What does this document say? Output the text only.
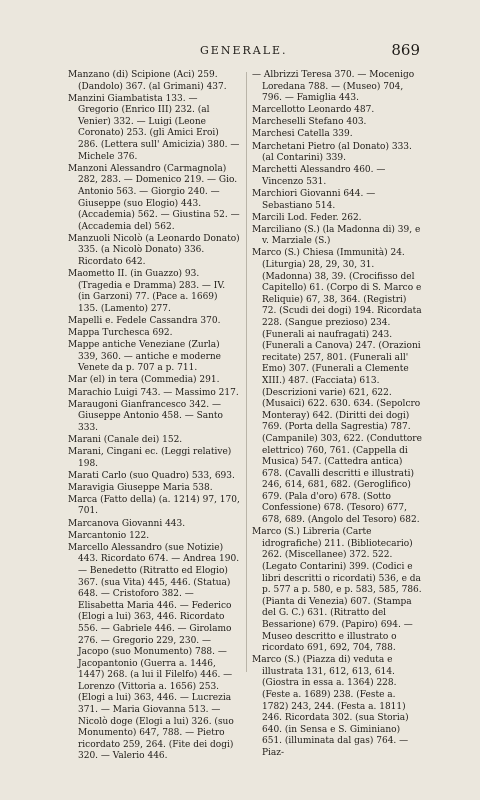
GENERALE.	869

Manzano (di) Scipione (Aci) 259. (Dandolo) 367. (al Grimani) 437.

Manzini Giambatista 133. — Gregorio (Enrico III) 232. (al Venier) 332. — Luigi (Leone Coronato) 253. (gli Amici Eroi) 286. (Lettera sull' Amicizia) 380. — Michele 376.

Manzoni Alessandro (Carmagnola) 282, 283. — Domenico 219. — Gio. Antonio 563. — Giorgio 240. — Giuseppe (suo Elogio) 443. (Accademia) 562. — Giustina 52. — (Accademia del) 562.

Manzuoli Nicolò (a Leonardo Donato) 335. (a Nicolò Donato) 336. Ricordato 642.

Maometto II. (in Guazzo) 93. (Tragedia e Dramma) 283. — IV. (in Garzoni) 77. (Pace a. 1669) 135. (Lamento) 277.

Mapelli e. Fedele Cassandra 370.

Mappa Turchesca 692.

Mappe antiche Veneziane (Zurla) 339, 360. — antiche e moderne Venete da p. 707 a p. 711.

Mar (el) in tera (Commedia) 291.

Marachio Luigi 743. — Massimo 217.

Maraugoni Gianfrancesco 342. — Giuseppe Antonio 458. — Santo 333.

Marani (Canale dei) 152.

Marani, Cingani ec. (Leggi relative) 198.

Marati Carlo (suo Quadro) 533, 693.

Maravigia Giuseppe Maria 538.

Marca (Fatto della) (a. 1214) 97, 170, 701.

Marcanova Giovanni 443.

Marcantonio 122.

Marcello Alessandro (sue Notizie) 443. Ricordato 674. — Andrea 190. — Benedetto (Ritratto ed Elogio) 367. (sua Vita) 445, 446. (Statua) 648. — Cristoforo 382. — Elisabetta Maria 446. — Federico (Elogi a lui) 363, 446. Ricordato 556. — Gabriele 446. — Girolamo 276. — Gregorio 229, 230. — Jacopo (suo Monumento) 788. — Jacopantonio (Guerra a. 1446, 1447) 268. (a lui il Filelfo) 446. — Lorenzo (Vittoria a. 1656) 253. (Elogi a lui) 363, 446. — Lucrezia 371. — Maria Giovanna 513. — Nicolò doge (Elogi a lui) 326. (suo Monumento) 647, 788. — Pietro ricordato 259, 264. (Fite dei dogi) 320. — Valerio 446.

— Albrizzi Teresa 370. — Mocenigo Loredana 788. — (Museo) 704, 796. — Famiglia 443.

Marcellotto Leonardo 487.

Marcheselli Stefano 403.

Marchesi Catella 339.

Marchetani Pietro (al Donato) 333. (al Contarini) 339.

Marchetti Alessandro 460. — Vincenzo 531.

Marchiori Giovanni 644. — Sebastiano 514.

Marcili Lod. Feder. 262.

Marciliano (S.) (la Madonna di) 39, e v. Marziale (S.)

Marco (S.) Chiesa (Immunità) 24. (Liturgia) 28, 29, 30, 31. (Madonna) 38, 39. (Crocifisso del Capitello) 61. (Corpo di S. Marco e Reliquie) 67, 38, 364. (Registri) 72. (Scudi dei dogi) 194. Ricordata 228. (Sangue prezioso) 234. (Funerali ai naufragati) 243. (Funerali a Canova) 247. (Orazioni recitate) 257, 801. (Funerali all' Emo) 307. (Funerali a Clemente XIII.) 487. (Facciata) 613. (Descrizioni varie) 621, 622. (Musaici) 622. 630. 634. (Sepolcro Monteray) 642. (Diritti dei dogi) 769. (Porta della Sagrestia) 787. (Campanile) 303, 622. (Conduttore elettrico) 760, 761. (Cappella di Musica) 547. (Cattedra antica) 678. (Cavalli descritti e illustrati) 246, 614, 681, 682. (Geroglifico) 679. (Pala d'oro) 678. (Sotto Confessione) 678. (Tesoro) 677, 678, 689. (Angolo del Tesoro) 682.

Marco (S.) Libreria (Carte idrografiche) 211. (Bibliotecario) 262. (Miscellanee) 372. 522. (Legato Contarini) 399. (Codici e libri descritti o ricordati) 536, e da p. 577 a p. 580, e p. 583, 585, 786. (Pianta di Venezia) 607. (Stampa del G. C.) 631. (Ritratto del Bessarione) 679. (Papiro) 694. — Museo descritto e illustrato o ricordato 691, 692, 704, 788.

Marco (S.) (Piazza di) veduta e illustrata 131, 612, 613, 614. (Giostra in essa a. 1364) 228. (Feste a. 1689) 238. (Feste a. 1782) 243, 244. (Festa a. 1811) 246. Ricordata 302. (sua Storia) 640. (in Sensa e S. Giminiano) 651. (illuminata dal gas) 764. — Piaz-
